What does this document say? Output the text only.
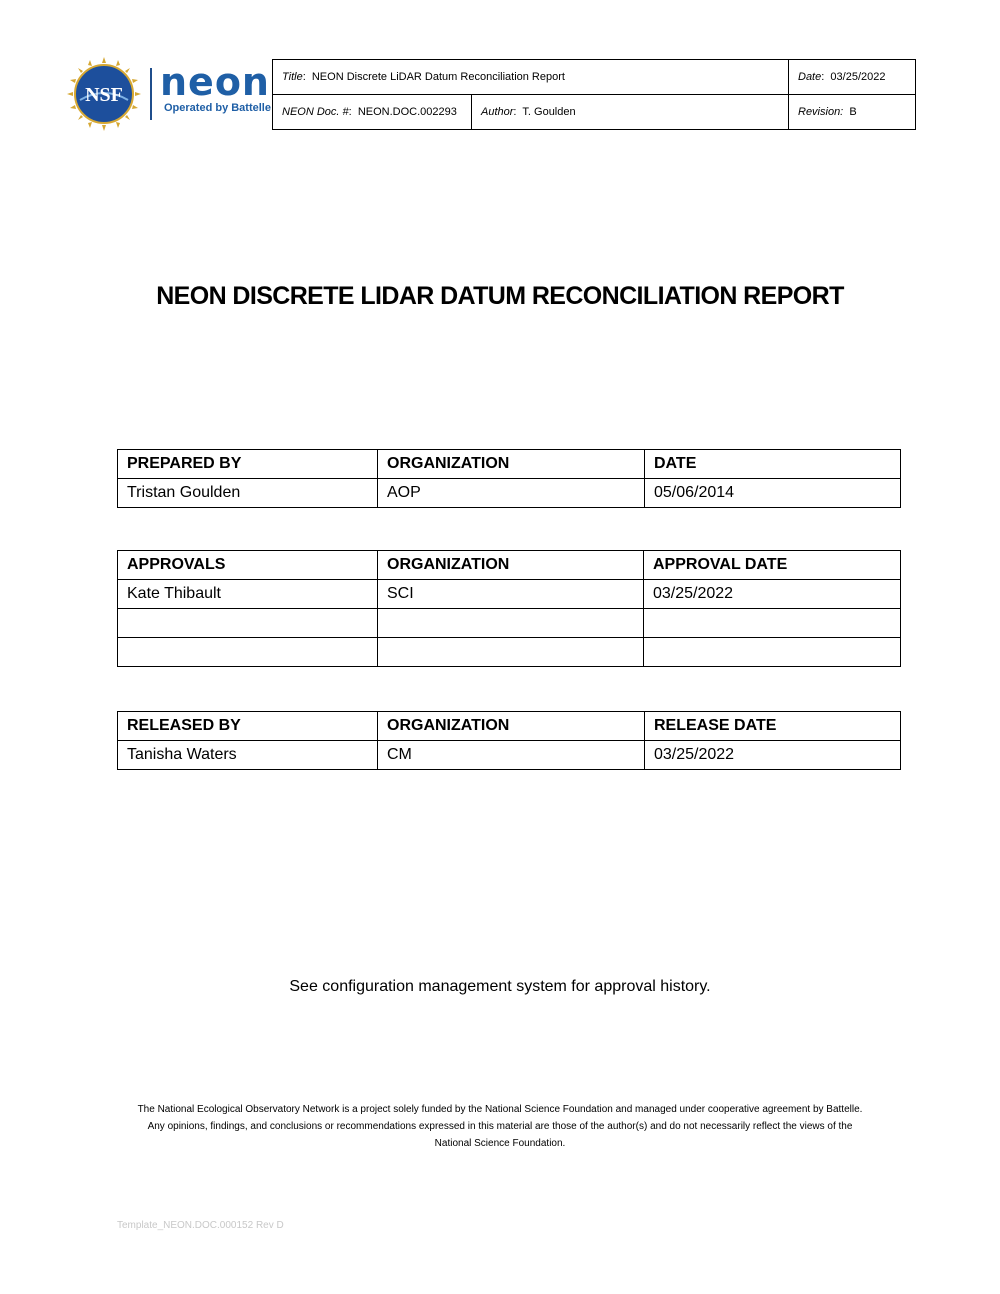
NSF neon
Operated by Battelle
Title:  NEON Discrete LiDAR Datum Reconciliation Report		Date:  03/25/2022
NEON Doc. #:  NEON.DOC.002293	Author:  T. Goulden	Revision: B
NEON DISCRETE LIDAR DATUM RECONCILIATION REPORT
PREPARED BY	ORGANIZATION	DATE
Tristan Goulden	AOP	05/06/2014
APPROVALS	ORGANIZATION	APPROVAL DATE
Kate Thibault	SCI	03/25/2022

RELEASED BY	ORGANIZATION	RELEASE DATE
Tanisha Waters	CM	03/25/2022
See configuration management system for approval history.
The National Ecological Observatory Network is a project solely funded by the National Science Foundation and managed under cooperative agreement by Battelle.
Any opinions, findings, and conclusions or recommendations expressed in this material are those of the author(s) and do not necessarily reflect the views of the
National Science Foundation.
Template_NEON.DOC.000152 Rev D
